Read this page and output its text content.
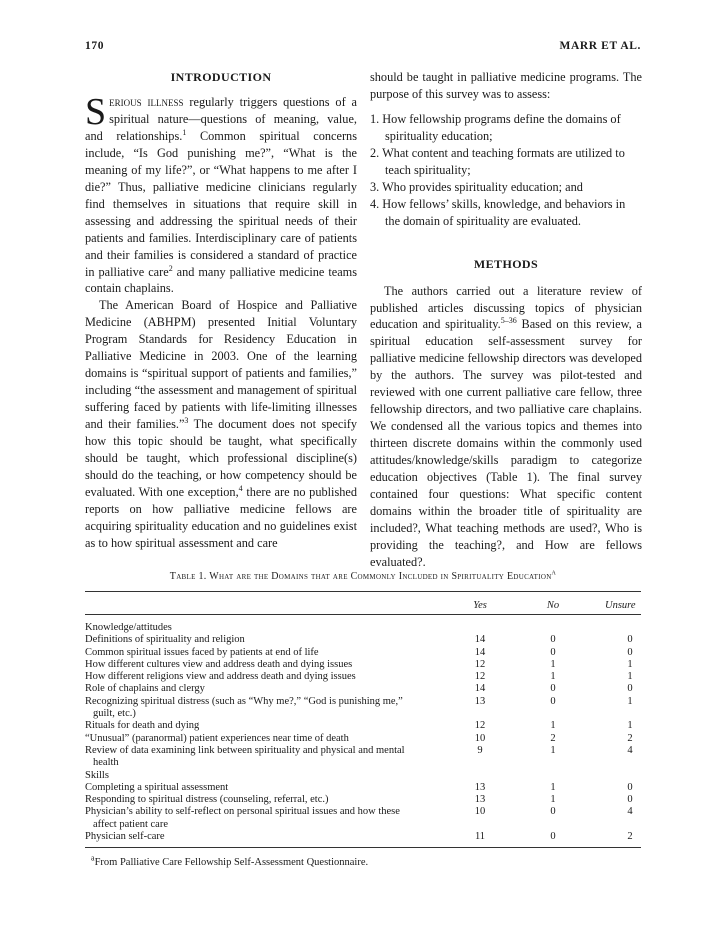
170	MARR ET AL.
INTRODUCTION

Serious illness regularly triggers questions of a spiritual nature—questions of meaning, value, and relationships.$^1$ Common spiritual concerns include, “Is God punishing me?”, “What is the meaning of my life?”, or “What happens to me after I die?” Thus, palliative medicine clinicians regularly find themselves in situations that require skill in assessing and addressing the spiritual needs of their patients and families. Interdisciplinary care of patients and their families is considered a standard of practice in palliative care$^2$ and many palliative medicine teams contain chaplains.

The American Board of Hospice and Palliative Medicine (ABHPM) presented Initial Voluntary Program Standards for Residency Education in Palliative Medicine in 2003. One of the learning domains is “spiritual support of patients and families,” including “the assessment and management of spiritual suffering faced by patients with life-limiting illnesses and their families.”$^3$ The document does not specify how this topic should be taught, what specifically should be taught, which professional discipline(s) should do the teaching, or how competency should be evaluated. With one exception,$^4$ there are no published reports on how palliative medicine fellows are acquiring spirituality education and no guidelines exist as to how spiritual assessment and care

should be taught in palliative medicine programs. The purpose of this survey was to assess:

1. How fellowship programs define the domains of spirituality education;
2. What content and teaching formats are utilized to teach spirituality;
3. Who provides spirituality education; and
4. How fellows’ skills, knowledge, and behaviors in the domain of spirituality are evaluated.
METHODS

The authors carried out a literature review of published articles discussing topics of physician education and spirituality.$^{5-36}$ Based on this review, a spiritual education self-assessment survey for palliative medicine fellowship directors was developed by the authors. The survey was pilot-tested and reviewed with one current palliative care fellow, three fellowship directors, and two palliative care chaplains. We condensed all the various topics and themes into thirteen discrete domains within the commonly used attitudes/knowledge/skills paradigm to categorize education objectives (Table 1). The final survey contained four questions: What specific content domains within the broader title of spirituality are included?, What teaching methods are used?, Who is providing the teaching?, and How are fellows evaluated?.

Table 1. What are the Domains that are Commonly Included in Spirituality Education$^a$
Yes	No	Unsure
Knowledge/attitudes
Definitions of spirituality and religion	14	0	0
Common spiritual issues faced by patients at end of life	14	0	0
How different cultures view and address death and dying issues	12	1	1
How different religions view and address death and dying issues	12	1	1
Role of chaplains and clergy	14	0	0
Recognizing spiritual distress (such as “Why me?,” “God is punishing me,” guilt, etc.)
13	0	1
Rituals for death and dying	12	1	1
“Unusual” (paranormal) patient experiences near time of death	10	2	2
Review of data examining link between spirituality and physical and mental health
9	1	4
Skills
Completing a spiritual assessment	13	1	0
Responding to spiritual distress (counseling, referral, etc.)	13	1	0
Physician’s ability to self-reflect on personal spiritual issues and how these affect patient care
10	0	4
Physician self-care	11	0	2
$^a$From Palliative Care Fellowship Self-Assessment Questionnaire.
